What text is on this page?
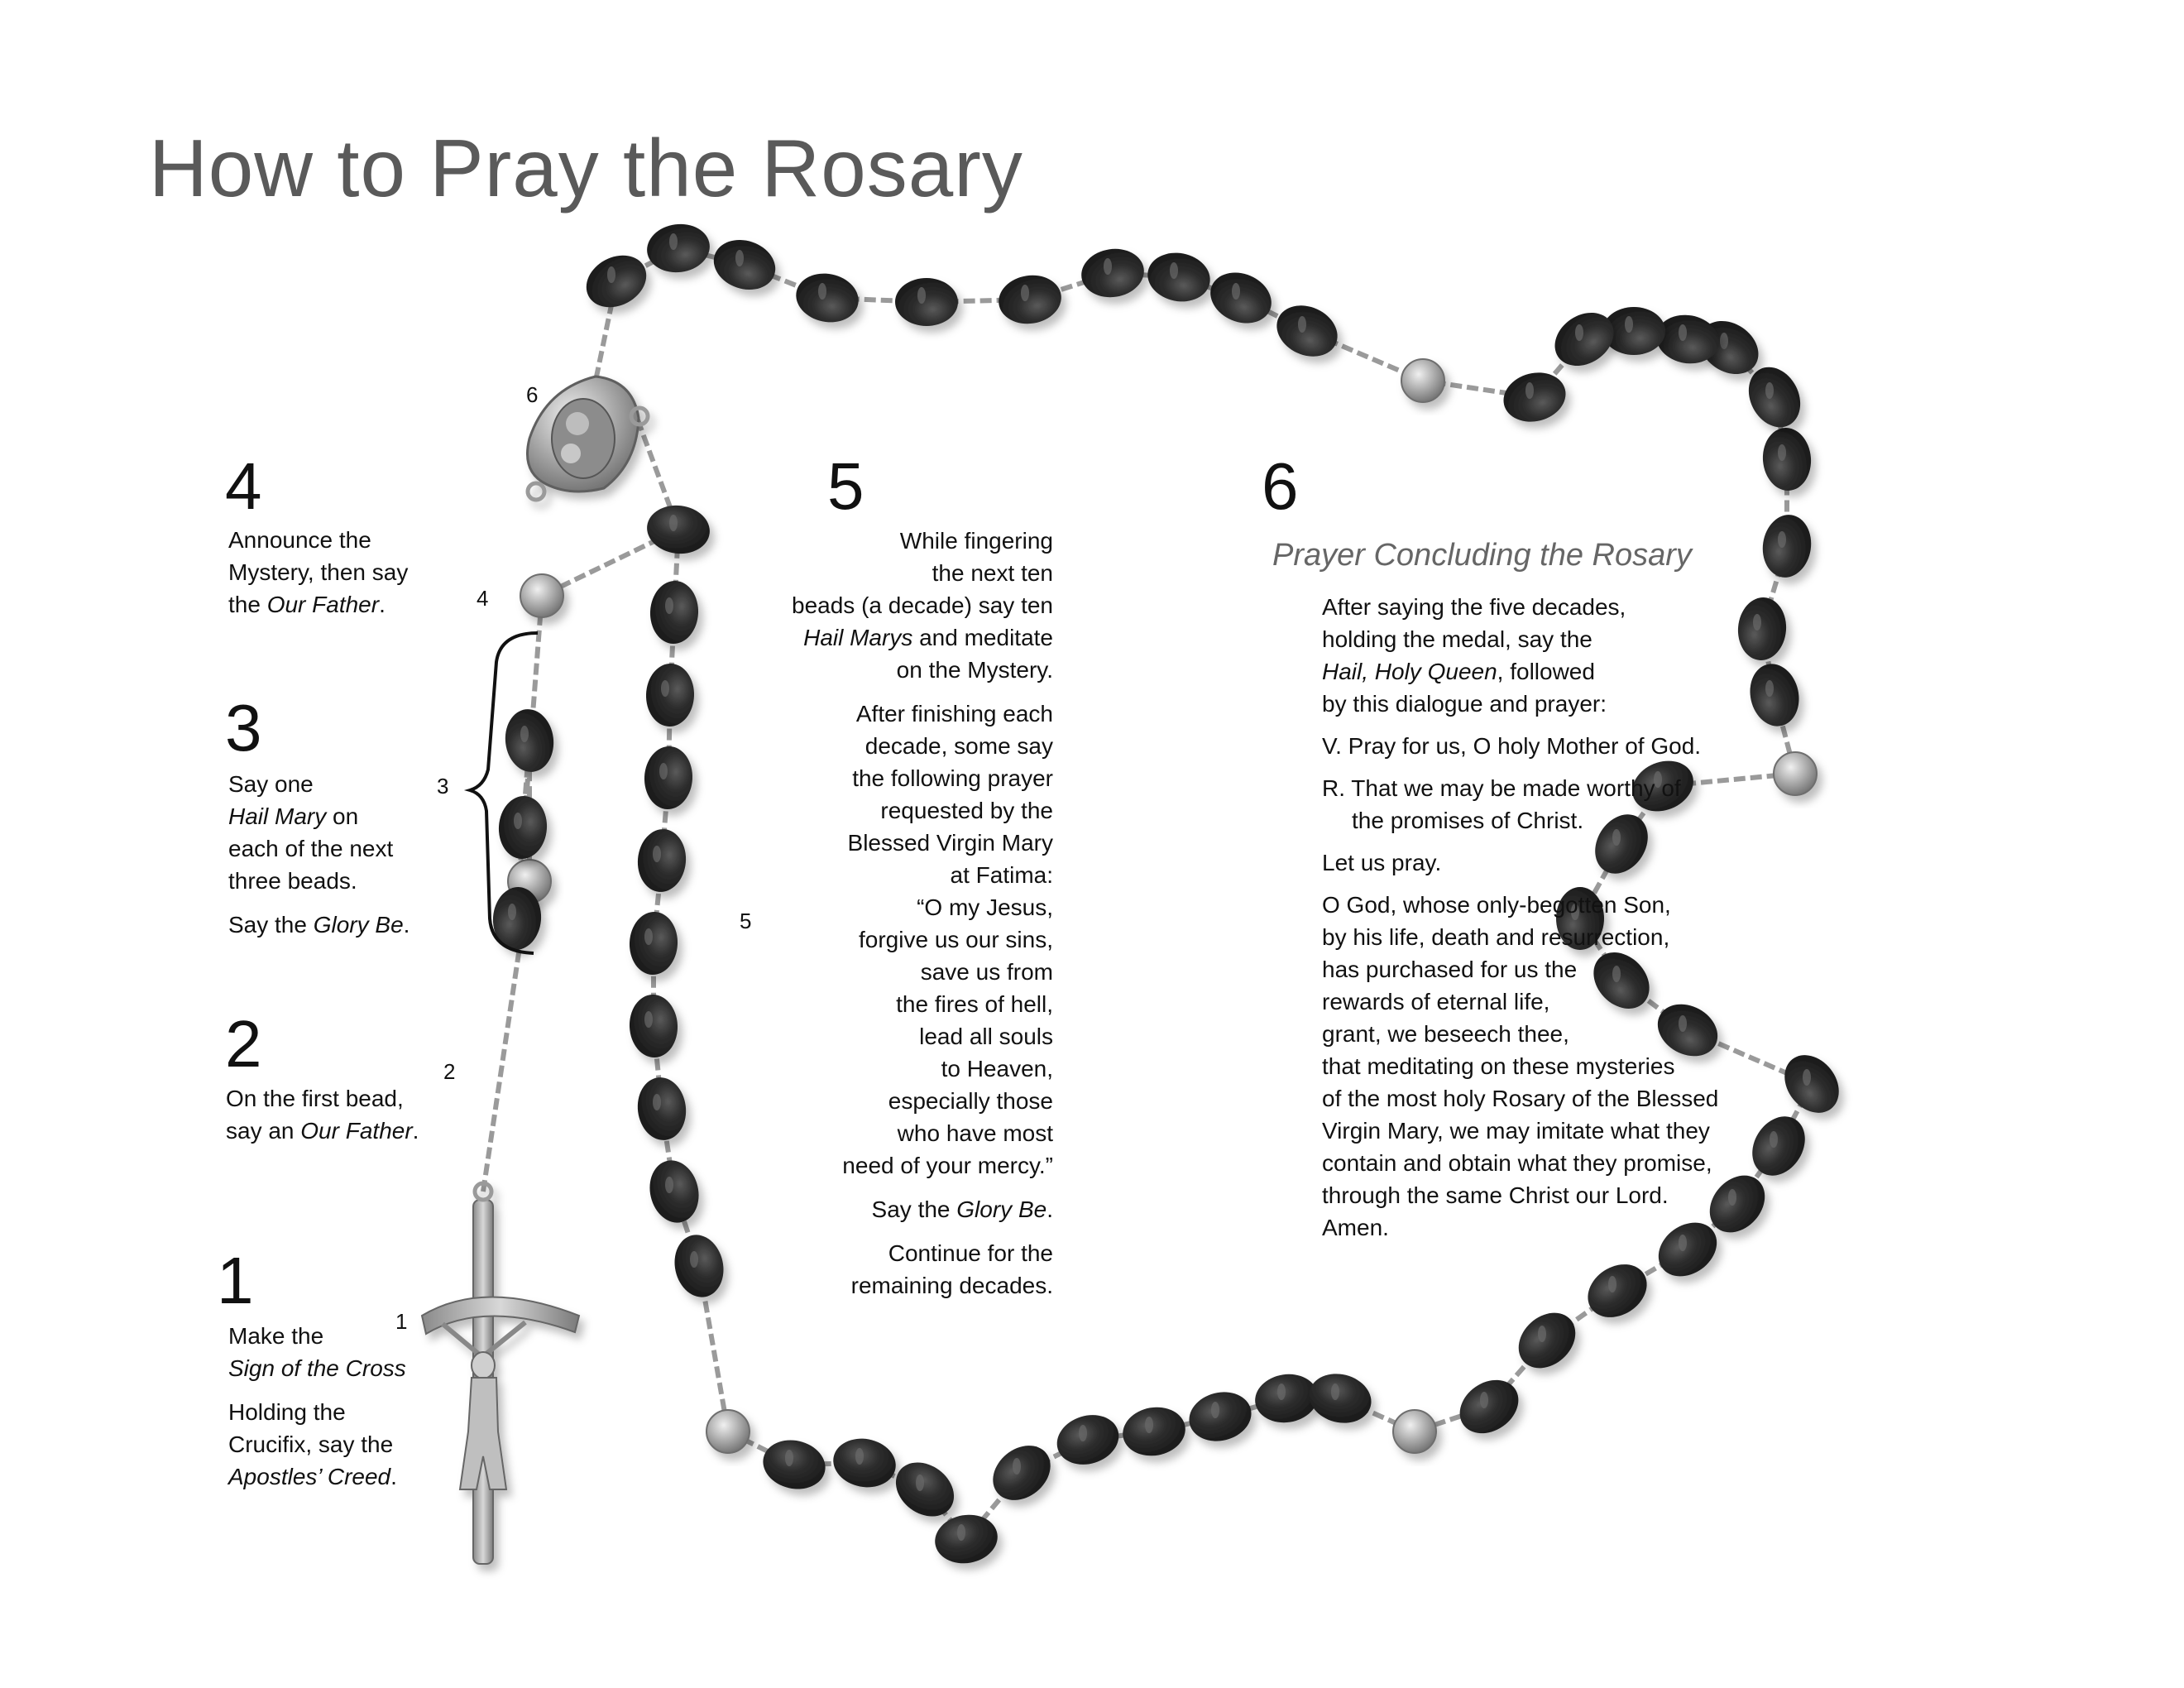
How to Pray the Rosary
4
Announce the
Mystery, then say
the Our Father.	4
3
Say one
Hail Mary on
each of the next
three beads.
Say the Glory Be.
3
2
On the first bead,
say an Our Father.
2
1
Make the
Sign of the Cross
Holding the
Crucifix, say the
Apostles’ Creed.
1
5
While fingering
the next ten
beads (a decade) say ten
Hail Marys and meditate
on the Mystery.
After finishing each
decade, some say
the following prayer
requested by the
Blessed Virgin Mary
at Fatima:
“O my Jesus,
forgive us our sins,
save us from
the fires of hell,
lead all souls
to Heaven,
especially those
who have most
need of your mercy.”
Say the Glory Be.
Continue for the
remaining decades.
5
6
6
Prayer Concluding the Rosary

After saying the five decades,
holding the medal, say the
Hail, Holy Queen, followed
by this dialogue and prayer:

V. Pray for us, O holy Mother of God.

R. That we may be made worthy of
the promises of Christ.

Let us pray.

O God, whose only-begotten Son,
by his life, death and resurrection,
has purchased for us the
rewards of eternal life,
grant, we beseech thee,
that meditating on these mysteries
of the most holy Rosary of the Blessed
Virgin Mary, we may imitate what they
contain and obtain what they promise,
through the same Christ our Lord.
Amen.
